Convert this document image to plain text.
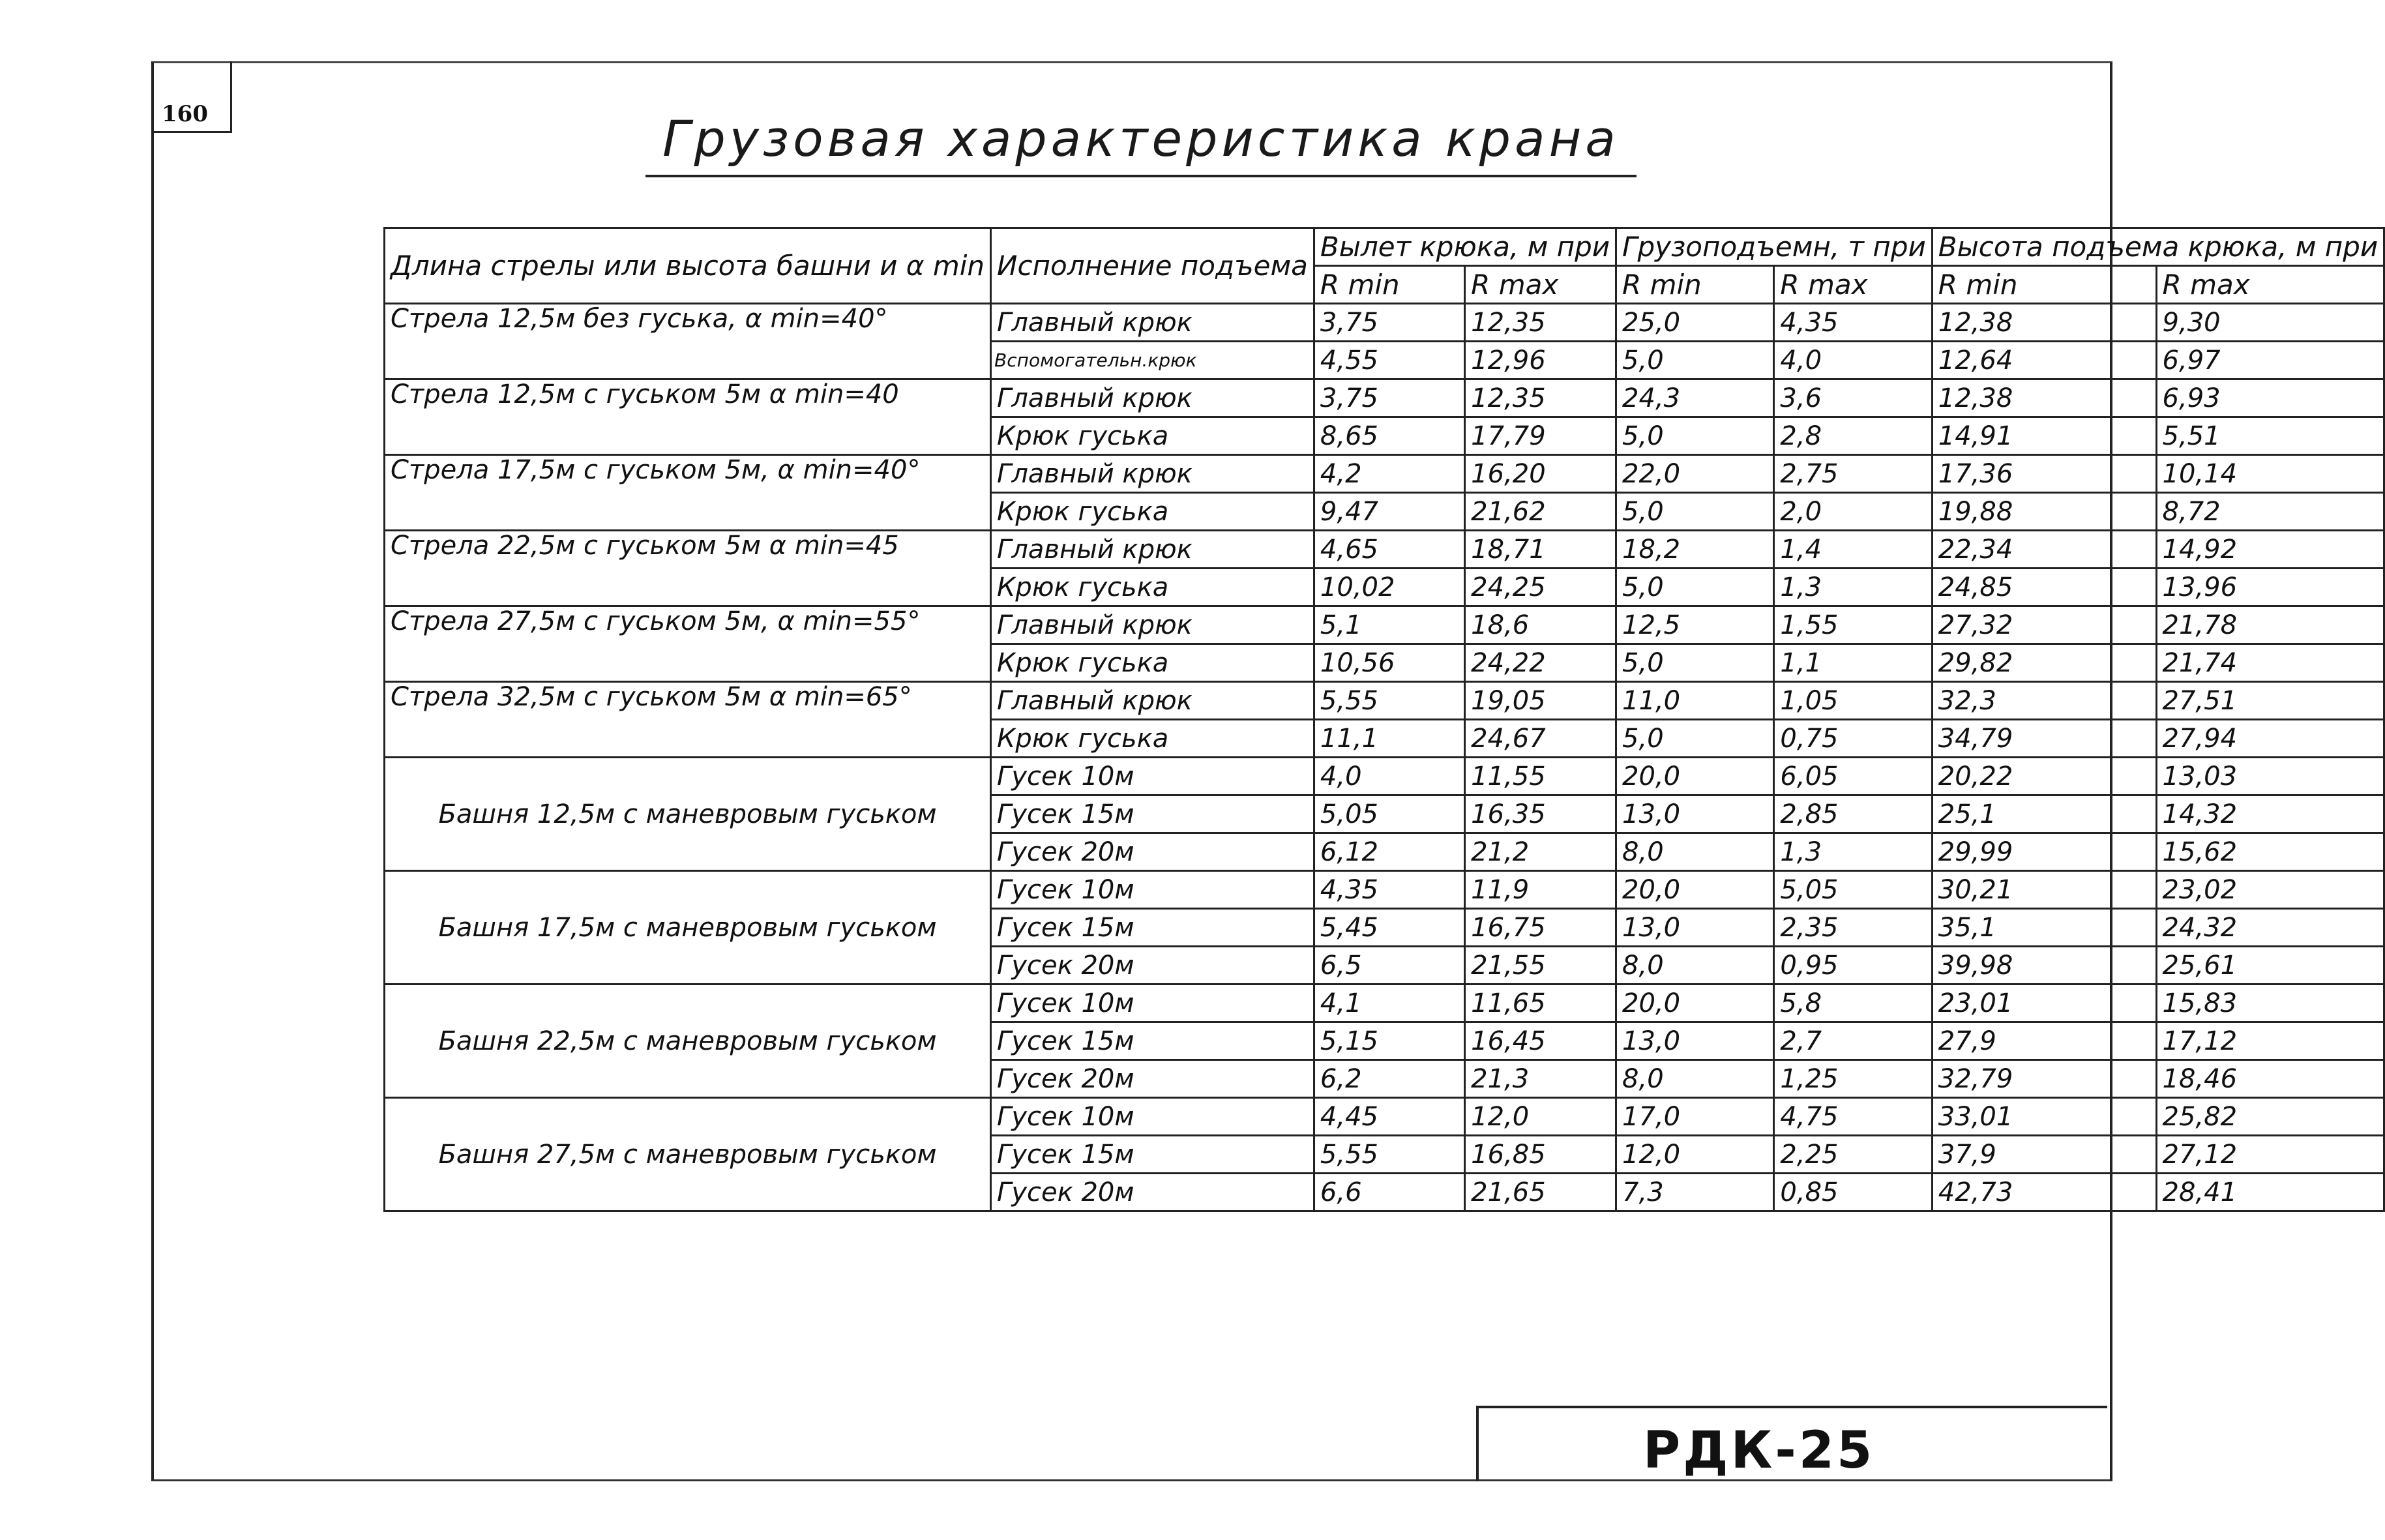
160	Грузовая характеристика крана
Длина стрелы или высота башни и α min	Исполнение подъема	Вылет крюка, м при		Грузоподъемн, т при		Высота подъема крюка, м при	
		R min	R max	R min	R max	R min	R max
Стрела 12,5м без гуська, α min=40°	Главный крюк	3,75	12,35	25,0	4,35	12,38	9,30
	Вспомогательн.крюк	4,55	12,96	5,0	4,0	12,64	6,97
Стрела 12,5м с гуськом 5м α min=40	Главный крюк	3,75	12,35	24,3	3,6	12,38	6,93
	Крюк гуська	8,65	17,79	5,0	2,8	14,91	5,51
Стрела 17,5м с гуськом 5м, α min=40°	Главный крюк	4,2	16,20	22,0	2,75	17,36	10,14
	Крюк гуська	9,47	21,62	5,0	2,0	19,88	8,72
Стрела 22,5м с гуськом 5м α min=45	Главный крюк	4,65	18,71	18,2	1,4	22,34	14,92
	Крюк гуська	10,02	24,25	5,0	1,3	24,85	13,96
Стрела 27,5м с гуськом 5м, α min=55°	Главный крюк	5,1	18,6	12,5	1,55	27,32	21,78
	Крюк гуська	10,56	24,22	5,0	1,1	29,82	21,74
Стрела 32,5м с гуськом 5м α min=65°	Главный крюк	5,55	19,05	11,0	1,05	32,3	27,51
	Крюк гуська	11,1	24,67	5,0	0,75	34,79	27,94
Башня 12,5м с маневровым гуськом	Гусек 10м	4,0	11,55	20,0	6,05	20,22	13,03
	Гусек 15м	5,05	16,35	13,0	2,85	25,1	14,32
	Гусек 20м	6,12	21,2	8,0	1,3	29,99	15,62
Башня 17,5м с маневровым гуськом	Гусек 10м	4,35	11,9	20,0	5,05	30,21	23,02
	Гусек 15м	5,45	16,75	13,0	2,35	35,1	24,32
	Гусек 20м	6,5	21,55	8,0	0,95	39,98	25,61
Башня 22,5м с маневровым гуськом	Гусек 10м	4,1	11,65	20,0	5,8	23,01	15,83
	Гусек 15м	5,15	16,45	13,0	2,7	27,9	17,12
	Гусек 20м	6,2	21,3	8,0	1,25	32,79	18,46
Башня 27,5м с маневровым гуськом	Гусек 10м	4,45	12,0	17,0	4,75	33,01	25,82
	Гусек 15м	5,55	16,85	12,0	2,25	37,9	27,12
	Гусек 20м	6,6	21,65	7,3	0,85	42,73	28,41
РДК-25
